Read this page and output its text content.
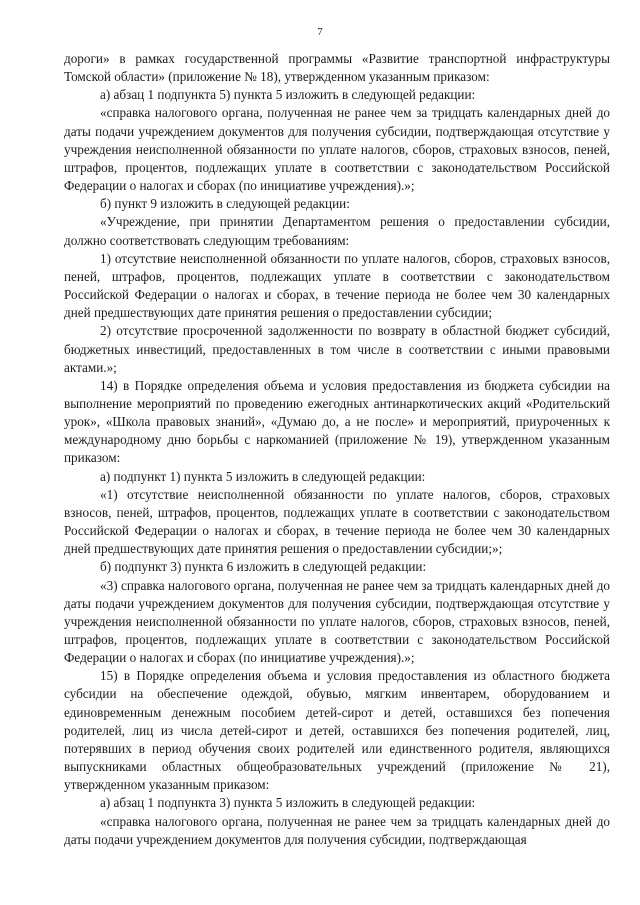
7

дороги» в рамках государственной программы «Развитие транспортной инфраструктуры Томской области» (приложение № 18), утвержденном указанным приказом:

а) абзац 1 подпункта 5) пункта 5 изложить в следующей редакции:

«справка налогового органа, полученная не ранее чем за тридцать календарных дней до даты подачи учреждением документов для получения субсидии, подтверждающая отсутствие у учреждения неисполненной обязанности по уплате налогов, сборов, страховых взносов, пеней, штрафов, процентов, подлежащих уплате в соответствии с законодательством Российской Федерации о налогах и сборах (по инициативе учреждения).»;

б) пункт 9 изложить в следующей редакции:

«Учреждение, при принятии Департаментом решения о предоставлении субсидии, должно соответствовать следующим требованиям:

1) отсутствие неисполненной обязанности по уплате налогов, сборов, страховых взносов, пеней, штрафов, процентов, подлежащих уплате в соответствии с законодательством Российской Федерации о налогах и сборах, в течение периода не более чем 30 календарных дней предшествующих дате принятия решения о предоставлении субсидии;

2) отсутствие просроченной задолженности по возврату в областной бюджет субсидий, бюджетных инвестиций, предоставленных в том числе в соответствии с иными правовыми актами.»;

14) в Порядке определения объема и условия предоставления из бюджета субсидии на выполнение мероприятий по проведению ежегодных антинаркотических акций «Родительский урок», «Школа правовых знаний», «Думаю до, а не после» и мероприятий, приуроченных к международному дню борьбы с наркоманией (приложение № 19), утвержденном указанным приказом:

а) подпункт 1) пункта 5 изложить в следующей редакции:

«1) отсутствие неисполненной обязанности по уплате налогов, сборов, страховых взносов, пеней, штрафов, процентов, подлежащих уплате в соответствии с законодательством Российской Федерации о налогах и сборах, в течение периода не более чем 30 календарных дней предшествующих дате принятия решения о предоставлении субсидии;»;

б) подпункт 3) пункта 6 изложить в следующей редакции:

«3) справка налогового органа, полученная не ранее чем за тридцать календарных дней до даты подачи учреждением документов для получения субсидии, подтверждающая отсутствие у учреждения неисполненной обязанности по уплате налогов, сборов, страховых взносов, пеней, штрафов, процентов, подлежащих уплате в соответствии с законодательством Российской Федерации о налогах и сборах (по инициативе учреждения).»;

15) в Порядке определения объема и условия предоставления из областного бюджета субсидии на обеспечение одеждой, обувью, мягким инвентарем, оборудованием и единовременным денежным пособием детей-сирот и детей, оставшихся без попечения родителей, лиц из числа детей-сирот и детей, оставшихся без попечения родителей, лиц, потерявших в период обучения своих родителей или единственного родителя, являющихся выпускниками областных общеобразовательных учреждений (приложение № 21), утвержденном указанным приказом:

а) абзац 1 подпункта 3) пункта 5 изложить в следующей редакции:

«справка налогового органа, полученная не ранее чем за тридцать календарных дней до даты подачи учреждением документов для получения субсидии, подтверждающая
